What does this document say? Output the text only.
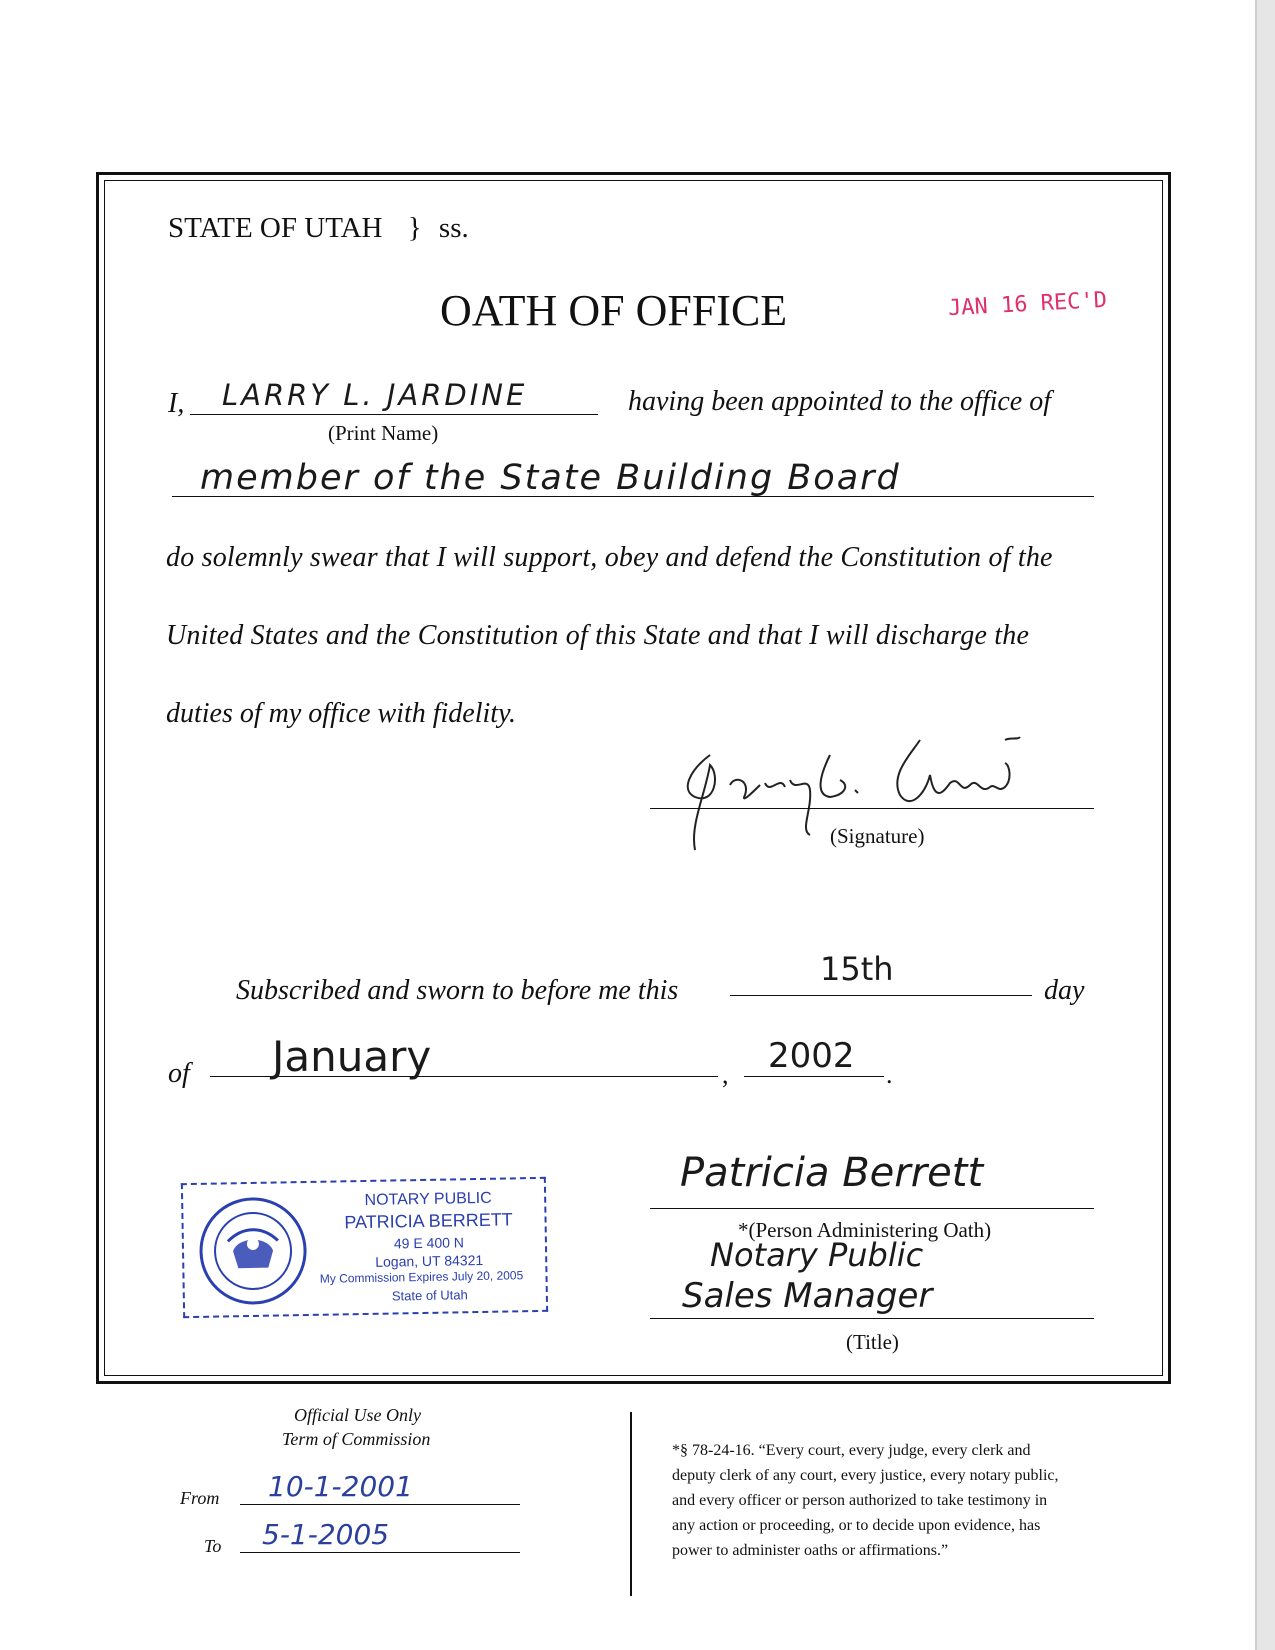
STATE OF UTAH } ss.
OATH OF OFFICE	JAN 16 REC'D
I, LARRY L. JARDINE	having been appointed to the office of
(Print Name)
member of the State Building Board
do solemnly swear that I will support, obey and defend the Constitution of the
United States and the Constitution of this State and that I will discharge the
duties of my office with fidelity.
(Signature)
Subscribed and sworn to before me this
15th
day
of January	, 2002 .
NOTARY PUBLIC
PATRICIA BERRETT
49 E 400 N
Logan, UT 84321
My Commission Expires July 20, 2005
State of Utah
Patricia Berrett
*(Person Administering Oath)
Notary Public
Sales Manager
(Title)
Official Use Only
Term of Commission
From 10-1-2001
To 5-1-2005
*§ 78-24-16. “Every court, every judge, every clerk and
deputy clerk of any court, every justice, every notary public,
and every officer or person authorized to take testimony in
any action or proceeding, or to decide upon evidence, has
power to administer oaths or affirmations.”
